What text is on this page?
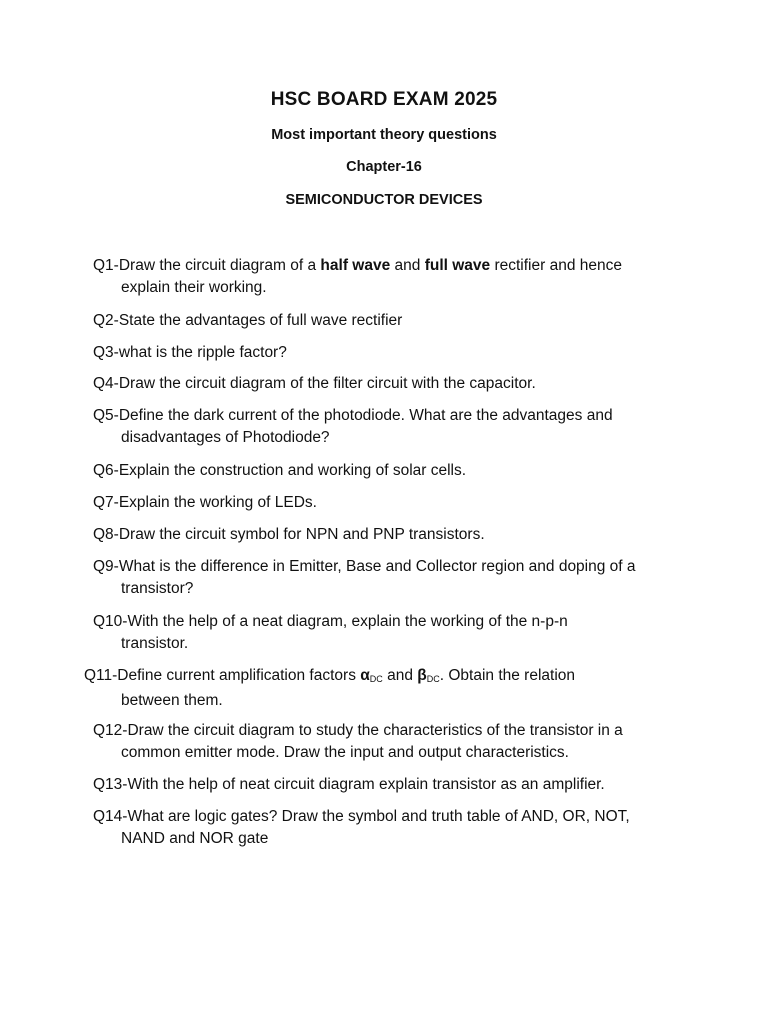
HSC BOARD EXAM 2025
Most important theory questions
Chapter-16
SEMICONDUCTOR DEVICES
Q1-Draw the circuit diagram of a half wave and full wave rectifier and hence
explain their working.
Q2-State the advantages of full wave rectifier
Q3-what is the ripple factor?
Q4-Draw the circuit diagram of the filter circuit with the capacitor.
Q5-Define the dark current of the photodiode. What are the advantages and
disadvantages of Photodiode?
Q6-Explain the construction and working of solar cells.
Q7-Explain the working of LEDs.
Q8-Draw the circuit symbol for NPN and PNP transistors.
Q9-What is the difference in Emitter, Base and Collector region and doping of a
transistor?
Q10-With the help of a neat diagram, explain the working of the n-p-n
transistor.
Q11-Define current amplification factors $\alpha_{DC}$ and $\beta_{DC}$. Obtain the relation
between them.
Q12-Draw the circuit diagram to study the characteristics of the transistor in a
common emitter mode. Draw the input and output characteristics.
Q13-With the help of neat circuit diagram explain transistor as an amplifier.
Q14-What are logic gates? Draw the symbol and truth table of AND, OR, NOT,
NAND and NOR gate
